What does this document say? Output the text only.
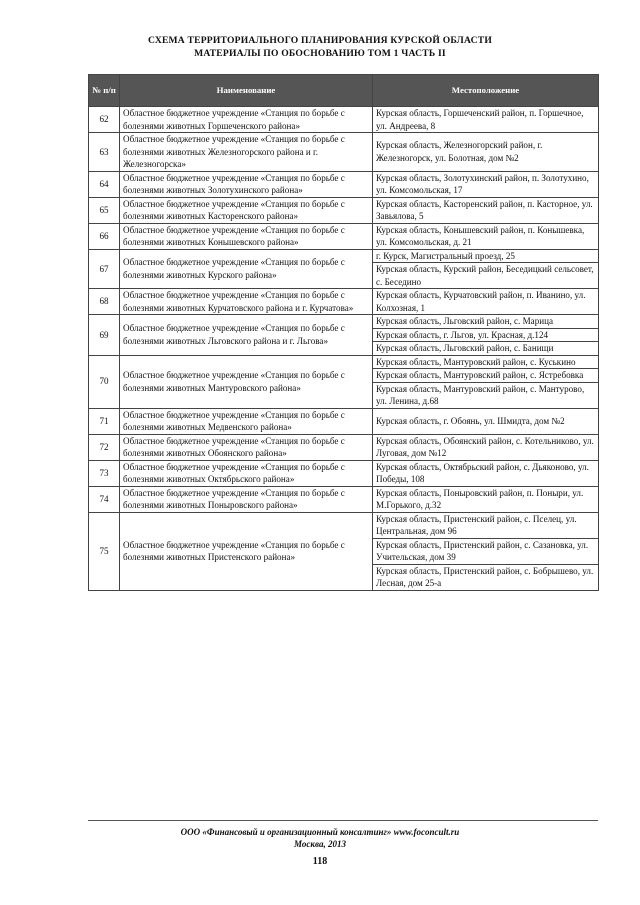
СХЕМА ТЕРРИТОРИАЛЬНОГО ПЛАНИРОВАНИЯ КУРСКОЙ ОБЛАСТИ
МАТЕРИАЛЫ ПО ОБОСНОВАНИЮ ТОМ 1 ЧАСТЬ II
№ п/п	Наименование	Местоположение
62	Областное бюджетное учреждение «Станция по борьбе с болезнями животных Горшеченского района»	Курская область, Горшеченский район, п. Горшечное, ул. Андреева, 8
63	Областное бюджетное учреждение «Станция по борьбе с болезнями животных Железногорского района и г. Железногорска»	Курская область, Железногорский район, г. Железногорск, ул. Болотная, дом №2
64	Областное бюджетное учреждение «Станция по борьбе с болезнями животных Золотухинского района»	Курская область, Золотухинский район, п. Золотухино, ул. Комсомольская, 17
65	Областное бюджетное учреждение «Станция по борьбе с болезнями животных Касторенского района»	Курская область, Касторенский район, п. Касторное, ул. Завьялова, 5
66	Областное бюджетное учреждение «Станция по борьбе с болезнями животных Конышевского района»	Курская область, Конышевский район, п. Конышевка, ул. Комсомольская, д. 21
67	Областное бюджетное учреждение «Станция по борьбе с болезнями животных Курского района»	г. Курск, Магистральный проезд, 25
		Курская область, Курский район, Беседицкий сельсовет, с. Беседино
68	Областное бюджетное учреждение «Станция по борьбе с болезнями животных Курчатовского района и г. Курчатова»	Курская область, Курчатовский район, п. Иванино, ул. Колхозная, 1
69	Областное бюджетное учреждение «Станция по борьбе с болезнями животных Льговского района и г. Льгова»	Курская область, Льговский район, с. Марица
		Курская область, г. Льгов, ул. Красная, д.124
		Курская область, Льговский район, с. Банищи
70	Областное бюджетное учреждение «Станция по борьбе с болезнями животных Мантуровского района»	Курская область, Мантуровский район, с. Куськино
		Курская область, Мантуровский район, с. Ястребовка
		Курская область, Мантуровский район, с. Мантурово, ул. Ленина, д.68
71	Областное бюджетное учреждение «Станция по борьбе с болезнями животных Медвенского района»	Курская область, г. Обоянь, ул. Шмидта, дом №2
72	Областное бюджетное учреждение «Станция по борьбе с болезнями животных Обоянского района»	Курская область, Обоянский район, с. Котельниково, ул. Луговая, дом №12
73	Областное бюджетное учреждение «Станция по борьбе с болезнями животных Октябрьского района»	Курская область, Октябрьский район, с. Дьяконово, ул. Победы, 108
74	Областное бюджетное учреждение «Станция по борьбе с болезнями животных Поныровского района»	Курская область, Поныровский район, п. Поныри, ул. М.Горького, д.32
75	Областное бюджетное учреждение «Станция по борьбе с болезнями животных Пристенского района»	Курская область, Пристенский район, с. Пселец, ул. Центральная, дом 96
		Курская область, Пристенский район, с. Сазановка, ул. Учительская, дом 39
		Курская область, Пристенский район, с. Бобрышево, ул. Лесная, дом 25-а
ООО «Финансовый и организационный консалтинг» www.foconcult.ru
Москва, 2013
118
